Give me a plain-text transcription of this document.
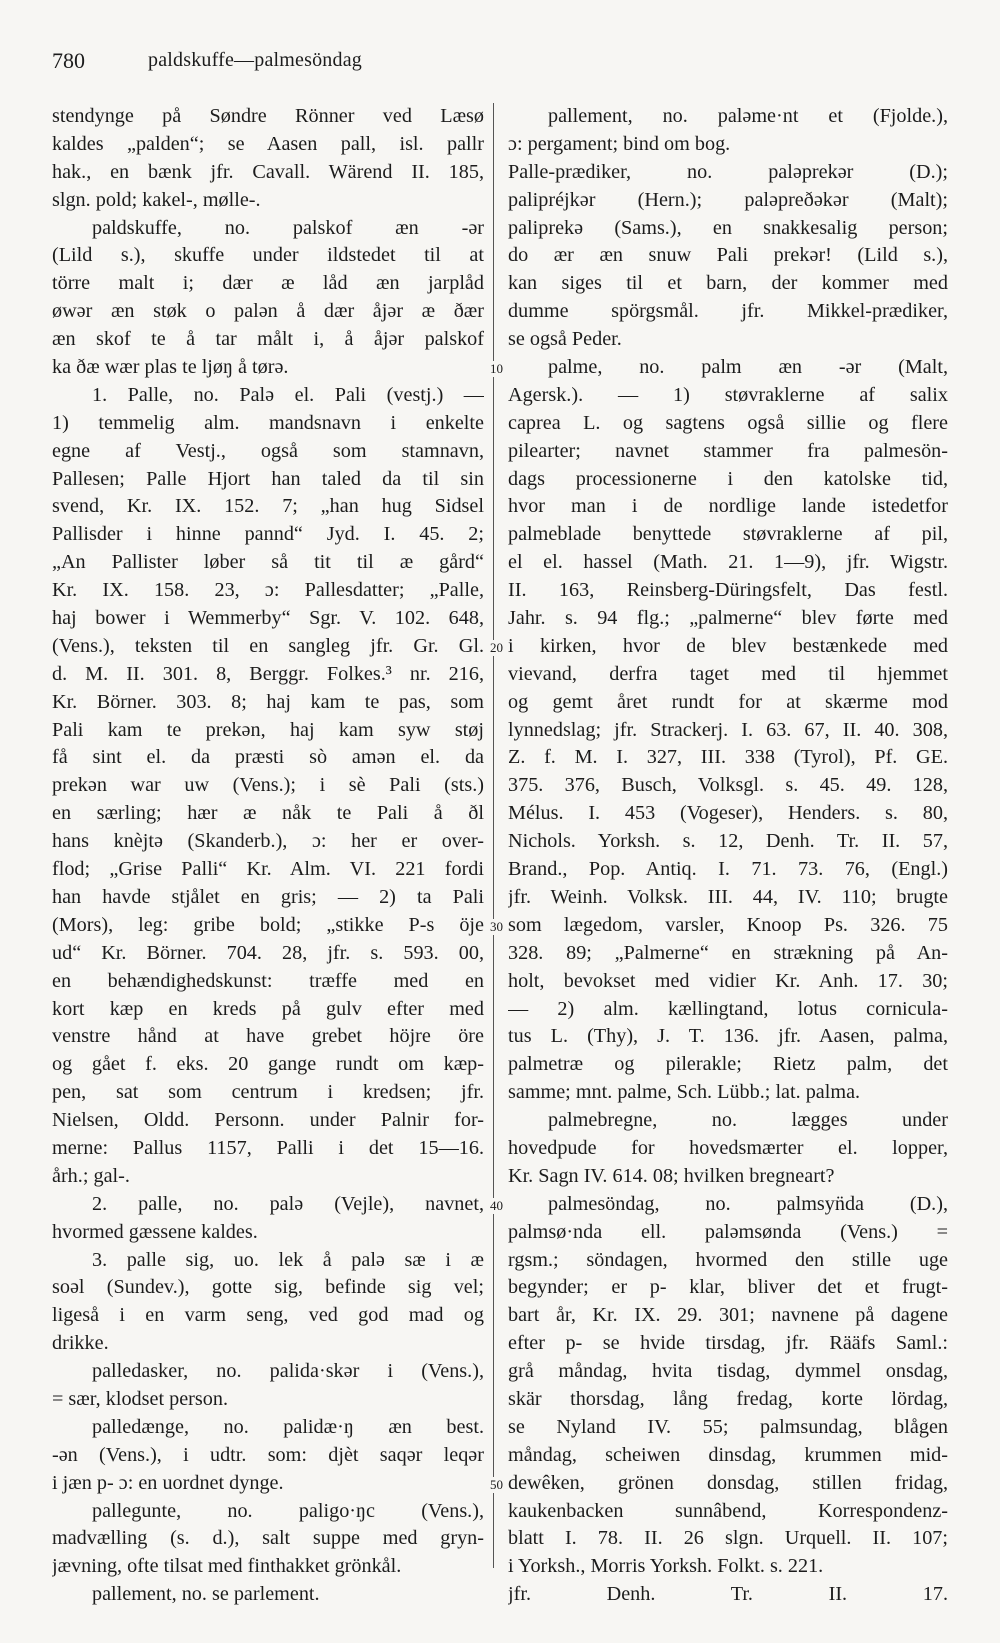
780	paldskuffe—palmesöndag
stendynge på Søndre Rönner ved Læsø
kaldes „palden“; se Aasen pall, isl. pallr
hak., en bænk jfr. Cavall. Wärend II. 185,
slgn. pold; kakel-, mølle-.
paldskuffe, no. palskof æn -ər
(Lild s.), skuffe under ildstedet til at
törre malt i; dær æ låd æn jarplåd
øwər æn støk o palən å dær åjər æ ðær
æn skof te å tar målt i, å åjər palskof
ka ðæ wær plas te ljøŋ å tørə.
1. Palle, no. Palə el. Pali (vestj.) —
1) temmelig alm. mandsnavn i enkelte
egne af Vestj., også som stamnavn,
Pallesen; Palle Hjort han taled da til sin
svend, Kr. IX. 152. 7; „han hug Sidsel
Pallisder i hinne pannd“ Jyd. I. 45. 2;
„An Pallister løber så tit til æ gård“
Kr. IX. 158. 23, ɔ: Pallesdatter; „Palle,
haj bower i Wemmerby“ Sgr. V. 102. 648,
(Vens.), teksten til en sangleg jfr. Gr. Gl.
d. M. II. 301. 8, Berggr. Folkes.³ nr. 216,
Kr. Börner. 303. 8; haj kam te pas, som
Pali kam te prekən, haj kam syw støj
få sint el. da præsti sò amən el. da
prekən war uw (Vens.); i sè Pali (sts.)
en særling; hær æ nåk te Pali å ðl
hans knèjtə (Skanderb.), ɔ: her er over-
flod; „Grise Palli“ Kr. Alm. VI. 221 fordi
han havde stjålet en gris; — 2) ta Pali
(Mors), leg: gribe bold; „stikke P-s öje
ud“ Kr. Börner. 704. 28, jfr. s. 593. 00,
en behændighedskunst: træffe med en
kort kæp en kreds på gulv efter med
venstre hånd at have grebet höjre öre
og gået f. eks. 20 gange rundt om kæp-
pen, sat som centrum i kredsen; jfr.
Nielsen, Oldd. Personn. under Palnir for-
merne: Pallus 1157, Palli i det 15—16.
årh.; gal-.
2. palle, no. palə (Vejle), navnet,
hvormed gæssene kaldes.
3. palle sig, uo. lek å palə sæ i æ
soəl (Sundev.), gotte sig, befinde sig vel;
ligeså i en varm seng, ved god mad og
drikke.
palledasker, no. palida·skər i (Vens.),
= sær, klodset person.
palledænge, no. palidæ·ŋ æn best.
-ən (Vens.), i udtr. som: djèt saqər leqər
i jæn p- ɔ: en uordnet dynge.
pallegunte, no. paligo·ŋc (Vens.),
madvælling (s. d.), salt suppe med gryn-
jævning, ofte tilsat med finthakket grönkål.
pallement, no. se parlement.
pallement, no. paləme·nt et (Fjolde.),
ɔ: pergament; bind om bog.
Palle-prædiker, no. paləprekər (D.);
palipréjkər (Hern.); paləpreðəkər (Malt);
paliprekə (Sams.), en snakkesalig person;
do ær æn snuw Pali prekər! (Lild s.),
kan siges til et barn, der kommer med
dumme spörgsmål. jfr. Mikkel-prædiker,
se også Peder.
palme, no. palm æn -ər (Malt,
Agersk.). — 1) støvraklerne af salix
caprea L. og sagtens også sillie og flere
pilearter; navnet stammer fra palmesön-
dags processionerne i den katolske tid,
hvor man i de nordlige lande istedetfor
palmeblade benyttede støvraklerne af pil,
el el. hassel (Math. 21. 1—9), jfr. Wigstr.
II. 163, Reinsberg-Düringsfelt, Das festl.
Jahr. s. 94 flg.; „palmerne“ blev førte med
i kirken, hvor de blev bestænkede med
vievand, derfra taget med til hjemmet
og gemt året rundt for at skærme mod
lynnedslag; jfr. Strackerj. I. 63. 67, II. 40. 308,
Z. f. M. I. 327, III. 338 (Tyrol), Pf. GE.
375. 376, Busch, Volksgl. s. 45. 49. 128,
Mélus. I. 453 (Vogeser), Henders. s. 80,
Nichols. Yorksh. s. 12, Denh. Tr. II. 57,
Brand., Pop. Antiq. I. 71. 73. 76, (Engl.)
jfr. Weinh. Volksk. III. 44, IV. 110; brugte
som lægedom, varsler, Knoop Ps. 326. 75
328. 89; „Palmerne“ en strækning på An-
holt, bevokset med vidier Kr. Anh. 17. 30;
— 2) alm. kællingtand, lotus cornicula-
tus L. (Thy), J. T. 136. jfr. Aasen, palma,
palmetræ og pilerakle; Rietz palm, det
samme; mnt. palme, Sch. Lübb.; lat. palma.
palmebregne, no. lægges under
hovedpude for hovedsmærter el. lopper,
Kr. Sagn IV. 614. 08; hvilken bregneart?
palmesöndag, no. palmsyn̈da (D.),
palmsø·nda ell. paləmsønda (Vens.) =
rgsm.; söndagen, hvormed den stille uge
begynder; er p- klar, bliver det et frugt-
bart år, Kr. IX. 29. 301; navnene på dagene
efter p- se hvide tirsdag, jfr. Rääfs Saml.:
grå måndag, hvita tisdag, dymmel onsdag,
skär thorsdag, lång fredag, korte lördag,
se Nyland IV. 55; palmsundag, blågen
måndag, scheiwen dinsdag, krummen mid-
dewêken, grönen donsdag, stillen fridag,
kaukenbacken sunnâbend, Korrespondenz-
blatt I. 78. II. 26 slgn. Urquell. II. 107;
i Yorksh., Morris Yorksh. Folkt. s. 221.
jfr. Denh. Tr. II. 17.
10
20
30
40
50
